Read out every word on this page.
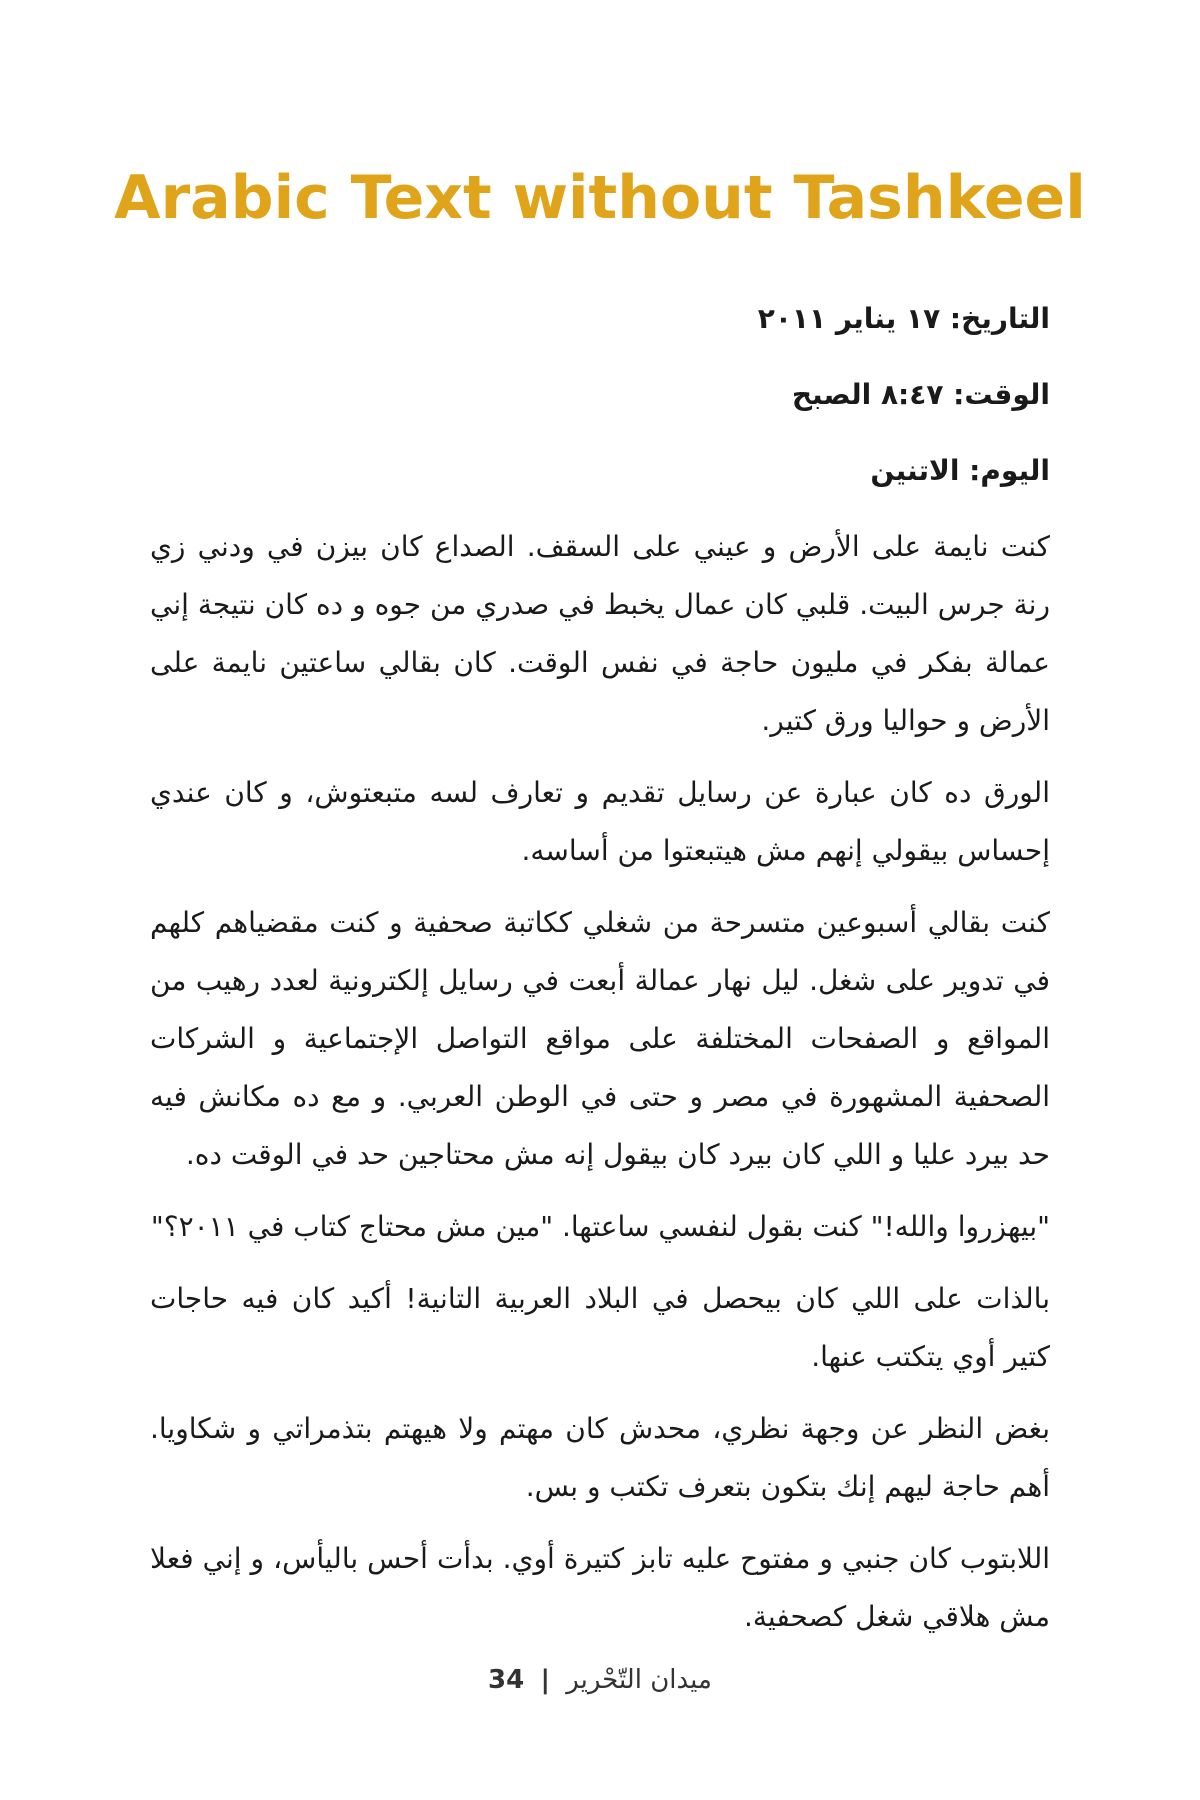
Arabic Text without Tashkeel

التاريخ: ١٧ يناير ٢٠١١

الوقت: ٨:٤٧ الصبح

اليوم: الاتنين

كنت نايمة على الأرض و عيني على السقف. الصداع كان بيزن في ودني زي رنة جرس البيت. قلبي كان عمال يخبط في صدري من جوه و ده كان نتيجة إني عمالة بفكر في مليون حاجة في نفس الوقت. كان بقالي ساعتين نايمة على الأرض و حواليا ورق كتير.

الورق ده كان عبارة عن رسايل تقديم و تعارف لسه متبعتوش، و كان عندي إحساس بيقولي إنهم مش هيتبعتوا من أساسه.

كنت بقالي أسبوعين متسرحة من شغلي ككاتبة صحفية و كنت مقضياهم كلهم في تدوير على شغل. ليل نهار عمالة أبعت في رسايل إلكترونية لعدد رهيب من المواقع و الصفحات المختلفة على مواقع التواصل الإجتماعية و الشركات الصحفية المشهورة في مصر و حتى في الوطن العربي. و مع ده مكانش فيه حد بيرد عليا و اللي كان بيرد كان بيقول إنه مش محتاجين حد في الوقت ده.

"بيهزروا والله!" كنت بقول لنفسي ساعتها. "مين مش محتاج كتاب في ٢٠١١؟"

بالذات على اللي كان بيحصل في البلاد العربية التانية! أكيد كان فيه حاجات كتير أوي يتكتب عنها.

بغض النظر عن وجهة نظري، محدش كان مهتم ولا هيهتم بتذمراتي و شكاويا. أهم حاجة ليهم إنك بتكون بتعرف تكتب و بس.

اللابتوب كان جنبي و مفتوح عليه تابز كتيرة أوي. بدأت أحس باليأس، و إني فعلا مش هلاقي شغل كصحفية.

ميدان التّحْرير | 34
